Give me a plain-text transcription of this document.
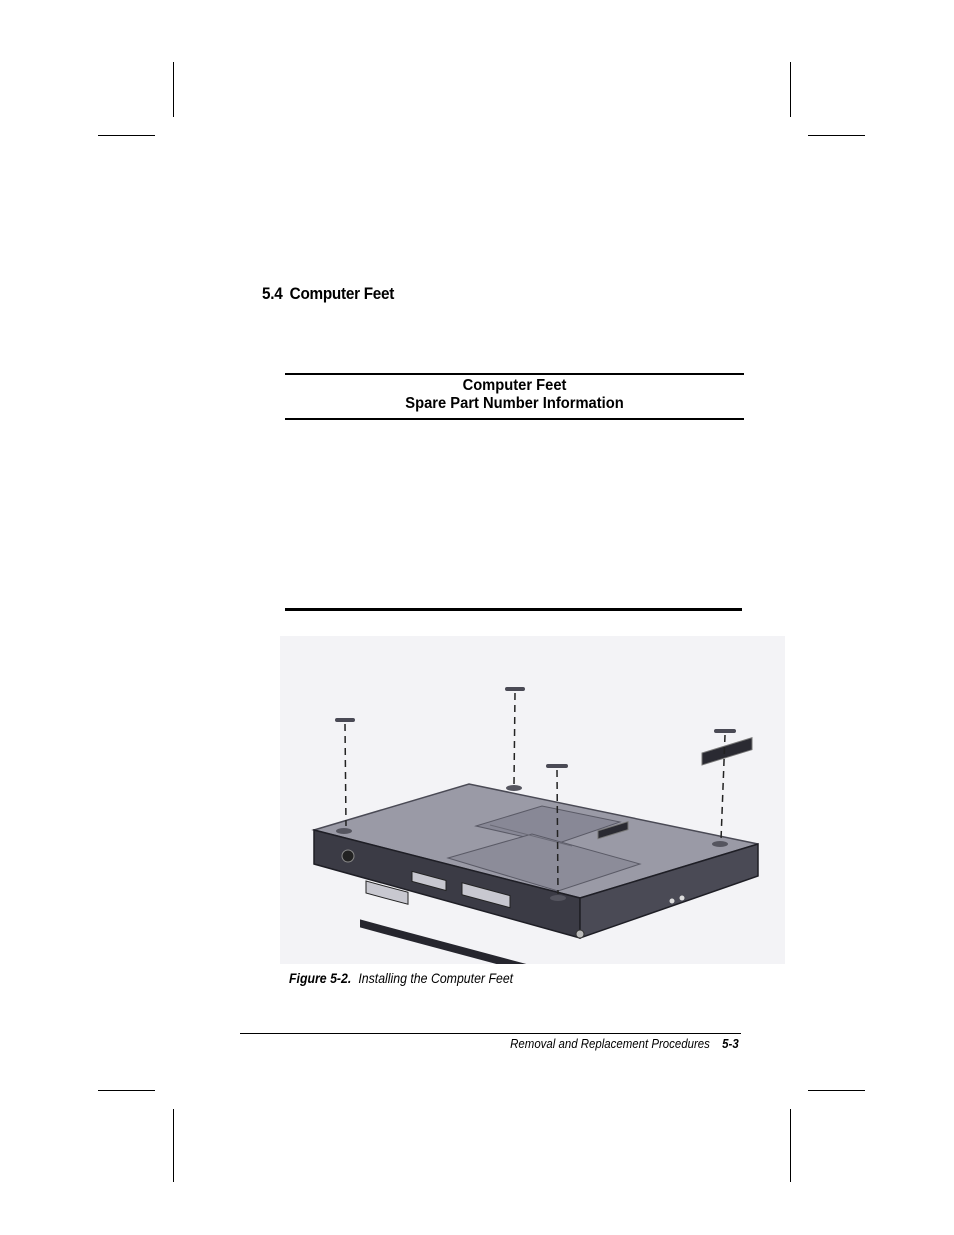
5.4 Computer Feet
Computer Feet
Spare Part Number Information
Figure 5-2. Installing the Computer Feet
Removal and Replacement Procedures 5-3
